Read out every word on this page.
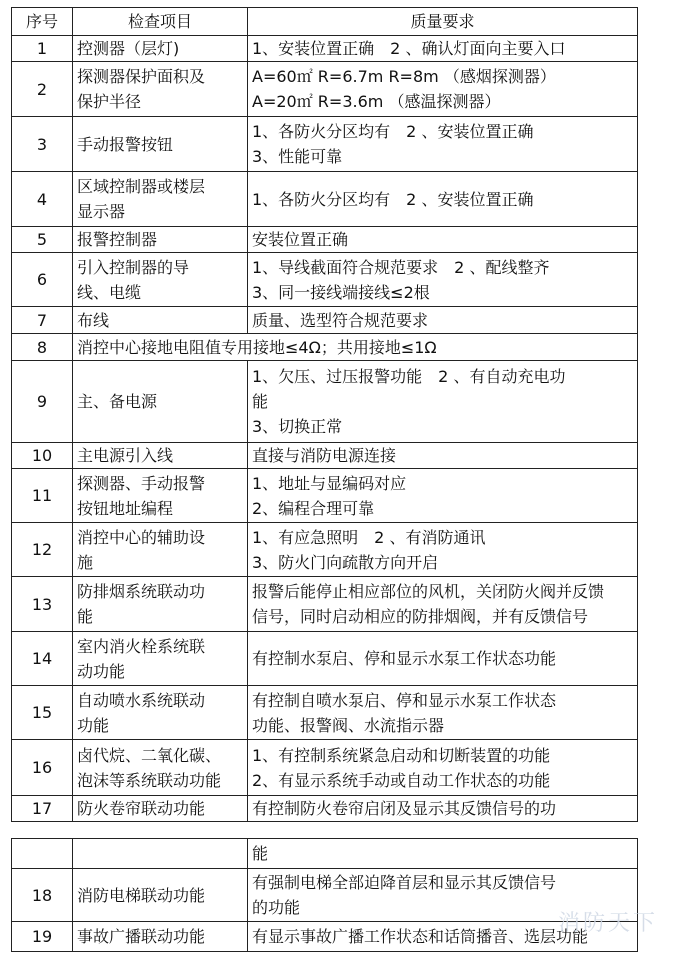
序号	检查项目	质量要求
1	控测器（层灯)	1、安装位置正确　2 、确认灯面向主要入口

2	探测器保护面积及
保护半径	A=60㎡ R=6.7m R=8m （感烟探测器）
A=20㎡ R=3.6m （感温探测器）

3	手动报警按钮	1、各防火分区均有　2 、安装位置正确
3、性能可靠

4	区域控制器或楼层
显示器	1、各防火分区均有　2 、安装位置正确

5	报警控制器	安装位置正确

6	引入控制器的导
线、电缆	1、导线截面符合规范要求　2 、配线整齐
3、同一接线端接线≤2根

7	布线	质量、选型符合规范要求

8	消控中心接地电阻值专用接地≤4Ω；共用接地≤1Ω	

9	主、备电源	1、欠压、过压报警功能　2 、有自动充电功
能
3、切换正常

10	主电源引入线	直接与消防电源连接

11	探测器、手动报警
按钮地址编程	1、地址与显编码对应
2、编程合理可靠

12	消控中心的辅助设
施	1、有应急照明　2 、有消防通讯
3、防火门向疏散方向开启

13	防排烟系统联动功
能	报警后能停止相应部位的风机，关闭防火阀并反馈
信号，同时启动相应的防排烟阀，并有反馈信号

14	室内消火栓系统联
动功能	有控制水泵启、停和显示水泵工作状态功能

15	自动喷水系统联动
功能	有控制自喷水泵启、停和显示水泵工作状态
功能、报警阀、水流指示器

16	卤代烷、二氧化碳、
泡沫等系统联动功能	1、有控制系统紧急启动和切断装置的功能
2、有显示系统手动或自动工作状态的功能

17	防火卷帘联动功能	有控制防火卷帘启闭及显示其反馈信号的功

		能

18	消防电梯联动功能	有强制电梯全部迫降首层和显示其反馈信号
的功能

19	事故广播联动功能	有显示事故广播工作状态和话筒播音、选层功能
消防天下
